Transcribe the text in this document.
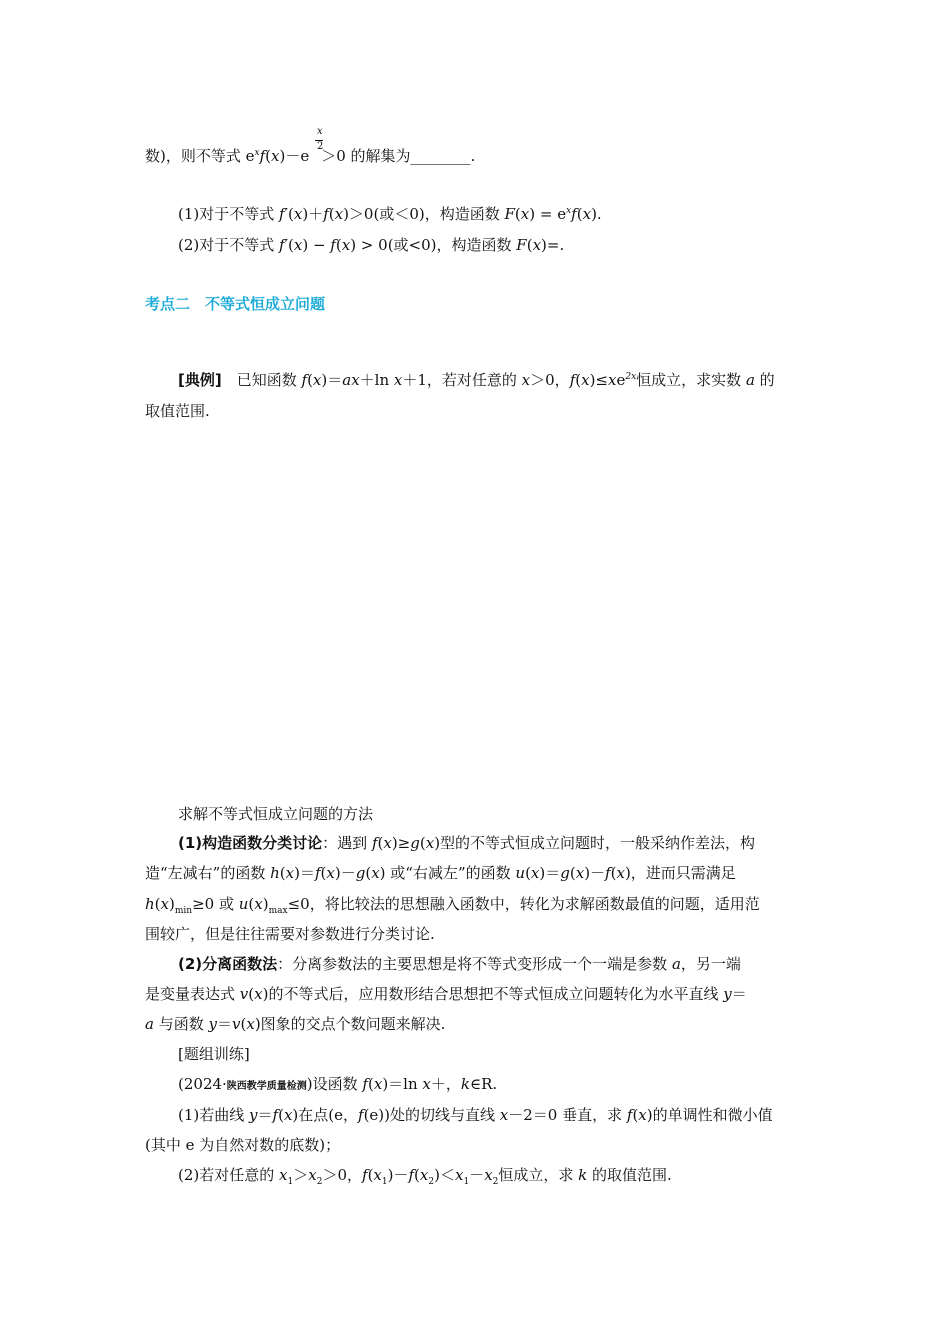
数)，则不等式 $e^xf(x)-e >0$ 的解集为________.
x
2
(1)对于不等式 f′(x)＋f(x)＞0(或＜0)，构造函数 $F(x) = e^xf(x)$.
(2)对于不等式 f′(x) − f(x) > 0(或<0)，构造函数 F(x)=.
考点二　不等式恒成立问题
[典例]　已知函数 f(x)＝ax＋ln x＋1，若对任意的 x＞0，$f(x)\le xe^{2x}$恒成立，求实数 a 的
取值范围.
求解不等式恒成立问题的方法
(1)构造函数分类讨论：遇到 f(x)≥g(x)型的不等式恒成立问题时，一般采纳作差法，构
造“左减右”的函数 h(x)＝f(x)－g(x) 或“右减左”的函数 u(x)＝g(x)－f(x)，进而只需满足
$h(x)_{min}\ge 0$ 或 $u(x)_{max}\le 0$，将比较法的思想融入函数中，转化为求解函数最值的问题，适用范
围较广，但是往往需要对参数进行分类讨论.
(2)分离函数法：分离参数法的主要思想是将不等式变形成一个一端是参数 a，另一端
是变量表达式 v(x)的不等式后，应用数形结合思想把不等式恒成立问题转化为水平直线 y＝
a 与函数 y＝v(x)图象的交点个数问题来解决.
[题组训练]
(2024·陕西教学质量检测)设函数 f(x)＝ln x＋，k∈R.
(1)若曲线 y＝f(x)在点(e，f(e))处的切线与直线 x－2＝0 垂直，求 f(x)的单调性和微小值
(其中 e 为自然对数的底数)；
(2)若对任意的 $x_1>x_2>0$，$f(x_1)-f(x_2)<x_1-x_2$恒成立，求 k 的取值范围.
